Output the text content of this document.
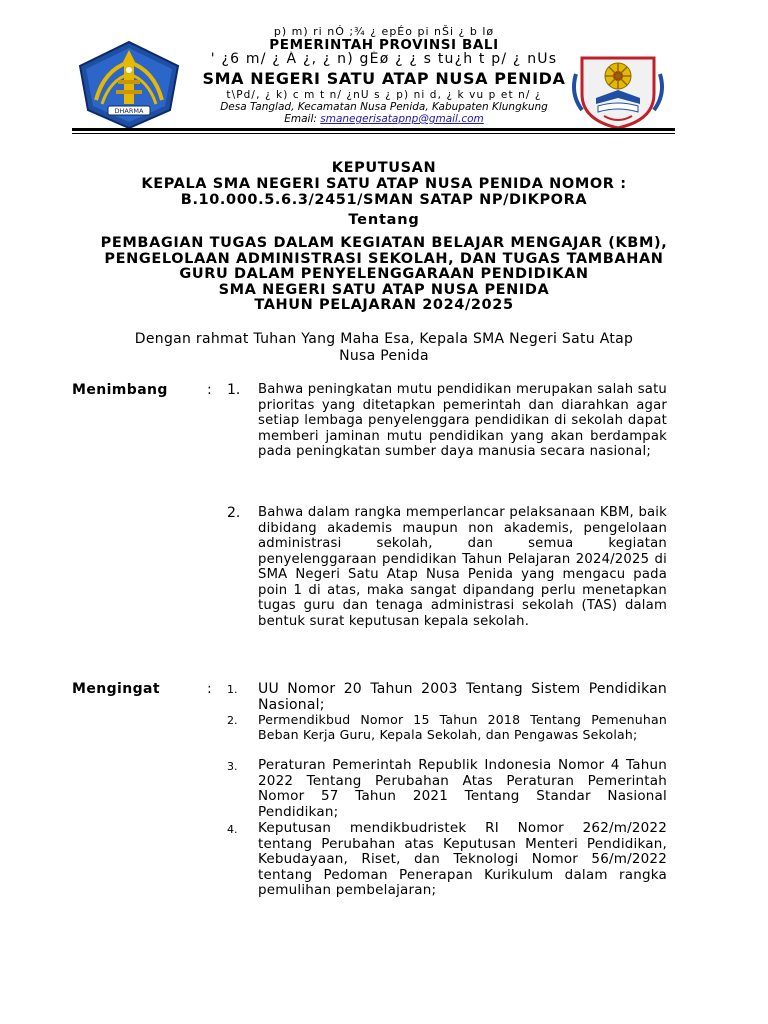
DHARMA
p) m) ri nÓ ;¾ ¿ epÉo pi nŠi ¿ b lø
PEMERINTAH PROVINSI BALI
' ¿6 m/ ¿ Á ¿, ¿ n) gÉø ¿ ¿ s tu¿h t p/ ¿ nUs
SMA NEGERI SATU ATAP NUSA PENIDA
t\Pd/, ¿ k) c m t n/ ¿nU s ¿ p) ni d, ¿ k vu p et n/ ¿
Desa Tanglad, Kecamatan Nusa Penida, Kabupaten Klungkung
Email: smanegerisatapnp@gmail.com
KEPUTUSAN
KEPALA SMA NEGERI SATU ATAP NUSA PENIDA NOMOR :
B.10.000.5.6.3/2451/SMAN SATAP NP/DIKPORA
Tentang
PEMBAGIAN TUGAS DALAM KEGIATAN BELAJAR MENGAJAR (KBM),
PENGELOLAAN ADMINISTRASI SEKOLAH, DAN TUGAS TAMBAHAN
GURU DALAM PENYELENGGARAAN PENDIDIKAN
SMA NEGERI SATU ATAP NUSA PENIDA
TAHUN PELAJARAN 2024/2025
Dengan rahmat Tuhan Yang Maha Esa, Kepala SMA Negeri Satu Atap
Nusa Penida
Menimbang	: 1. Bahwa peningkatan mutu pendidikan merupakan salah satu prioritas yang ditetapkan pemerintah dan diarahkan agar setiap lembaga penyelenggara pendidikan di sekolah dapat memberi jaminan mutu pendidikan yang akan berdampak pada peningkatan sumber daya manusia secara nasional;
2. Bahwa dalam rangka memperlancar pelaksanaan KBM, baik dibidang akademis maupun non akademis, pengelolaan administrasi sekolah, dan semua kegiatan penyelenggaraan pendidikan Tahun Pelajaran 2024/2025 di SMA Negeri Satu Atap Nusa Penida yang mengacu pada poin 1 di atas, maka sangat dipandang perlu menetapkan tugas guru dan tenaga administrasi sekolah (TAS) dalam bentuk surat keputusan kepala sekolah.
Mengingat	: 1. UU Nomor 20 Tahun 2003 Tentang Sistem Pendidikan Nasional;
2. Permendikbud Nomor 15 Tahun 2018 Tentang Pemenuhan Beban Kerja Guru, Kepala Sekolah, dan Pengawas Sekolah;
3. Peraturan Pemerintah Republik Indonesia Nomor 4 Tahun 2022 Tentang Perubahan Atas Peraturan Pemerintah Nomor 57 Tahun 2021 Tentang Standar Nasional Pendidikan;
4. Keputusan mendikbudristek RI Nomor 262/m/2022 tentang Perubahan atas Keputusan Menteri Pendidikan, Kebudayaan, Riset, dan Teknologi Nomor 56/m/2022 tentang Pedoman Penerapan Kurikulum dalam rangka pemulihan pembelajaran;
